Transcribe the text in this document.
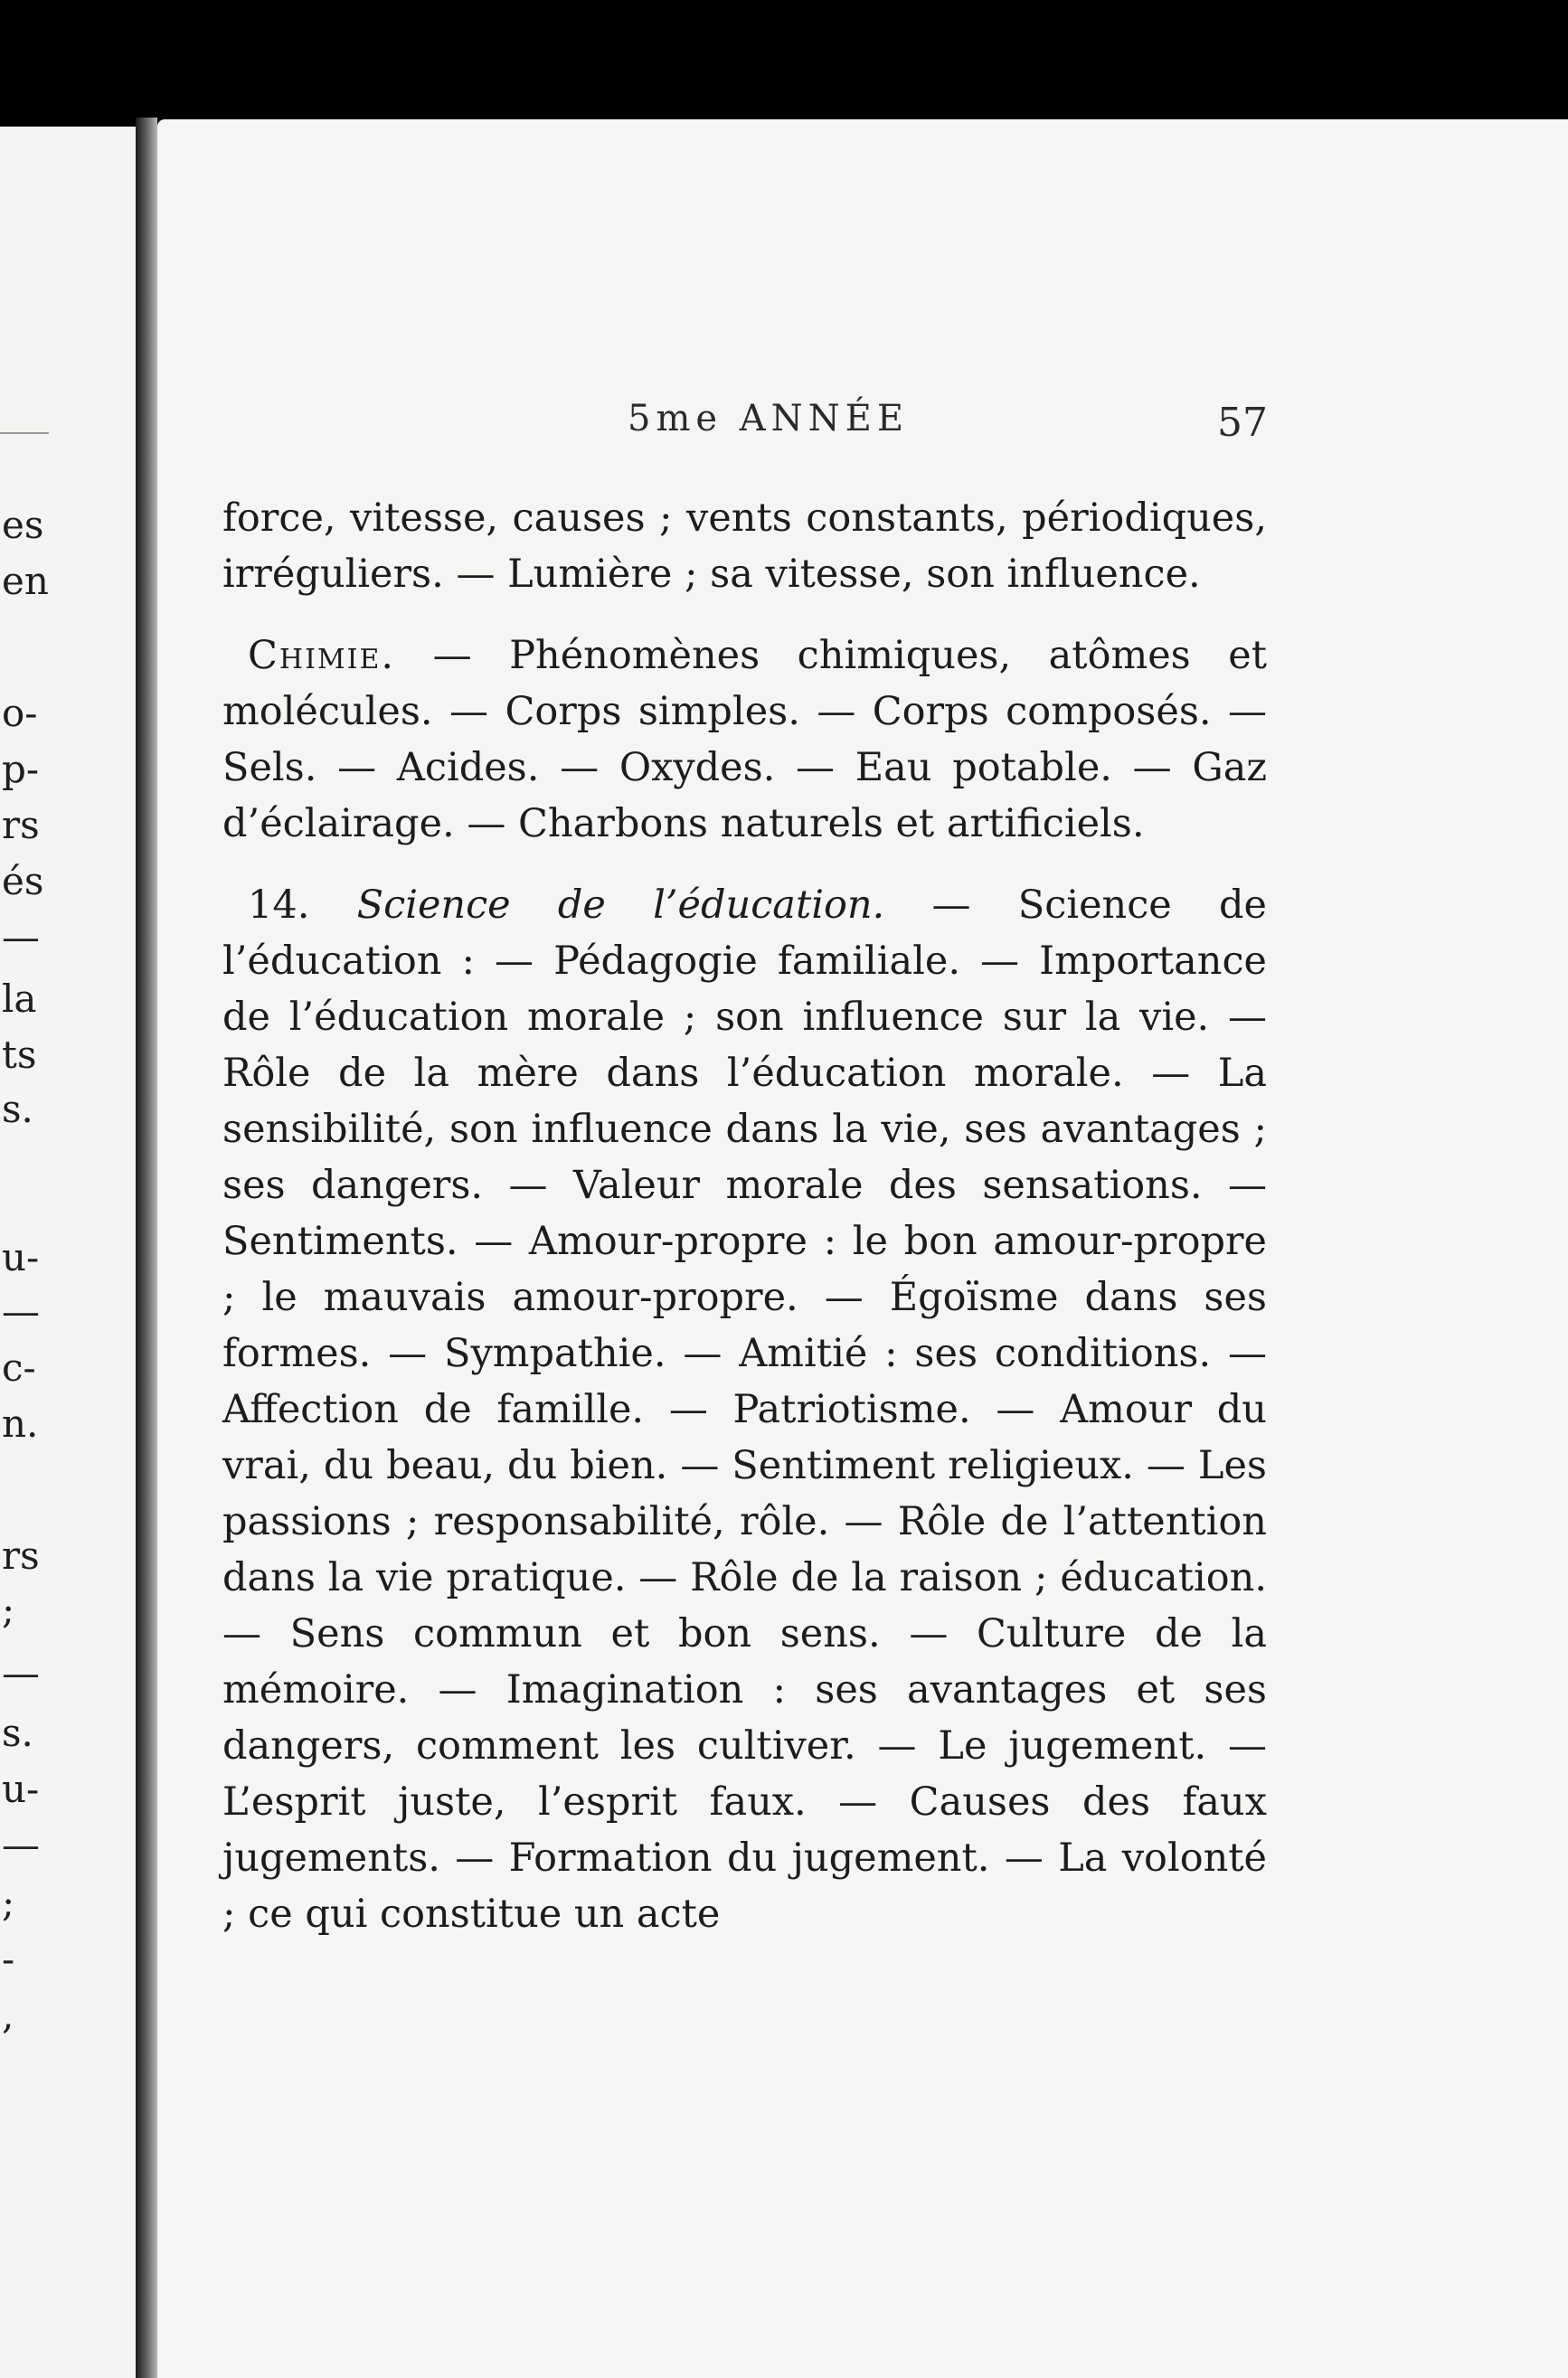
es
en
o-
p-
rs
és
—
la
ts
s.
u-
—
c-
n.
rs
;
—
s.
u-
—
;
-
,
5me ANNÉE	57

force, vitesse, causes ; vents constants, périodiques, irréguliers. — Lumière ; sa vitesse, son influence.

Chimie. — Phénomènes chimiques, atômes et molécules. — Corps simples. — Corps composés. — Sels. — Acides. — Oxydes. — Eau potable. — Gaz d’éclairage. — Charbons naturels et artificiels.

14. Science de l’éducation. — Science de l’éducation : — Pédagogie familiale. — Importance de l’éducation morale ; son influence sur la vie. — Rôle de la mère dans l’éducation morale. — La sensibilité, son influence dans la vie, ses avantages ; ses dangers. — Valeur morale des sensations. — Sentiments. — Amour-propre : le bon amour-propre ; le mauvais amour-propre. — Égoïsme dans ses formes. — Sympathie. — Amitié : ses conditions. — Affection de famille. — Patriotisme. — Amour du vrai, du beau, du bien. — Sentiment religieux. — Les passions ; responsabilité, rôle. — Rôle de l’attention dans la vie pratique. — Rôle de la raison ; éducation. — Sens commun et bon sens. — Culture de la mémoire. — Imagination : ses avantages et ses dangers, comment les cultiver. — Le jugement. — L’esprit juste, l’esprit faux. — Causes des faux jugements. — Formation du jugement. — La volonté ; ce qui constitue un acte
